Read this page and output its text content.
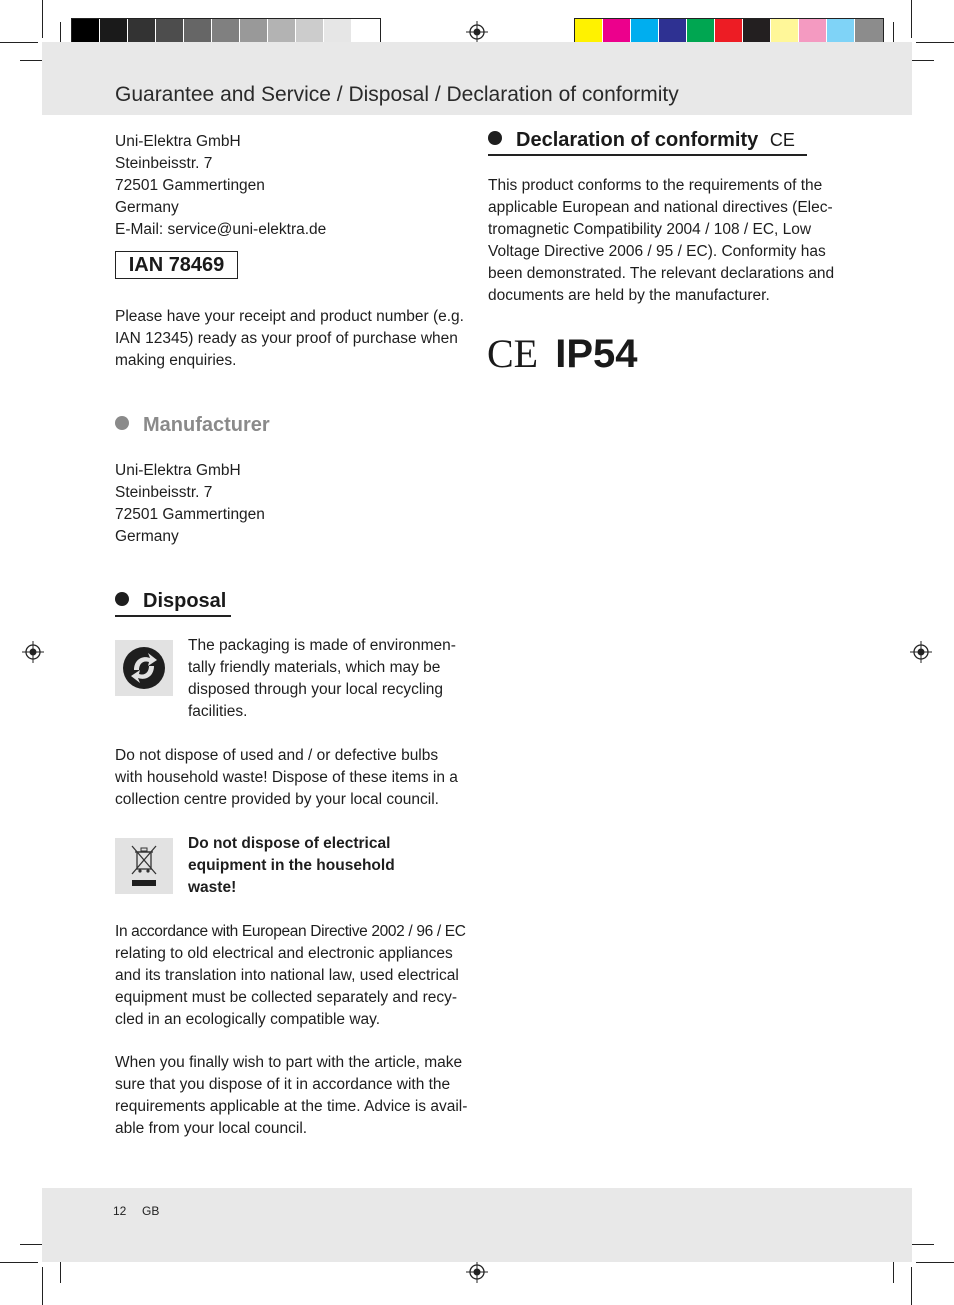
Guarantee and Service / Disposal / Declaration of conformity
Uni-Elektra GmbH
Steinbeisstr. 7
72501 Gammertingen
Germany
E-Mail: service@uni-elektra.de
IAN 78469
Please have your receipt and product number (e.g.
IAN 12345) ready as your proof of purchase when
making enquiries.
Manufacturer
Uni-Elektra GmbH
Steinbeisstr. 7
72501 Gammertingen
Germany
Disposal
The packaging is made of environmen-
tally friendly materials, which may be
disposed through your local recycling
facilities.
Do not dispose of used and / or defective bulbs
with household waste! Dispose of these items in a
collection centre provided by your local council.
Do not dispose of electrical
equipment in the household
waste!
In accordance with European Directive 2002 / 96 / EC
relating to old electrical and electronic appliances
and its translation into national law, used electrical
equipment must be collected separately and recy-
cled in an ecologically compatible way.
When you finally wish to part with the article, make
sure that you dispose of it in accordance with the
requirements applicable at the time. Advice is avail-
able from your local council.
Declaration of conformity CE
This product conforms to the requirements of the
applicable European and national directives (Elec-
tromagnetic Compatibility 2004 / 108 / EC, Low
Voltage Directive 2006 / 95 / EC). Conformity has
been demonstrated. The relevant declarations and
documents are held by the manufacturer.
CE IP54
12 GB
